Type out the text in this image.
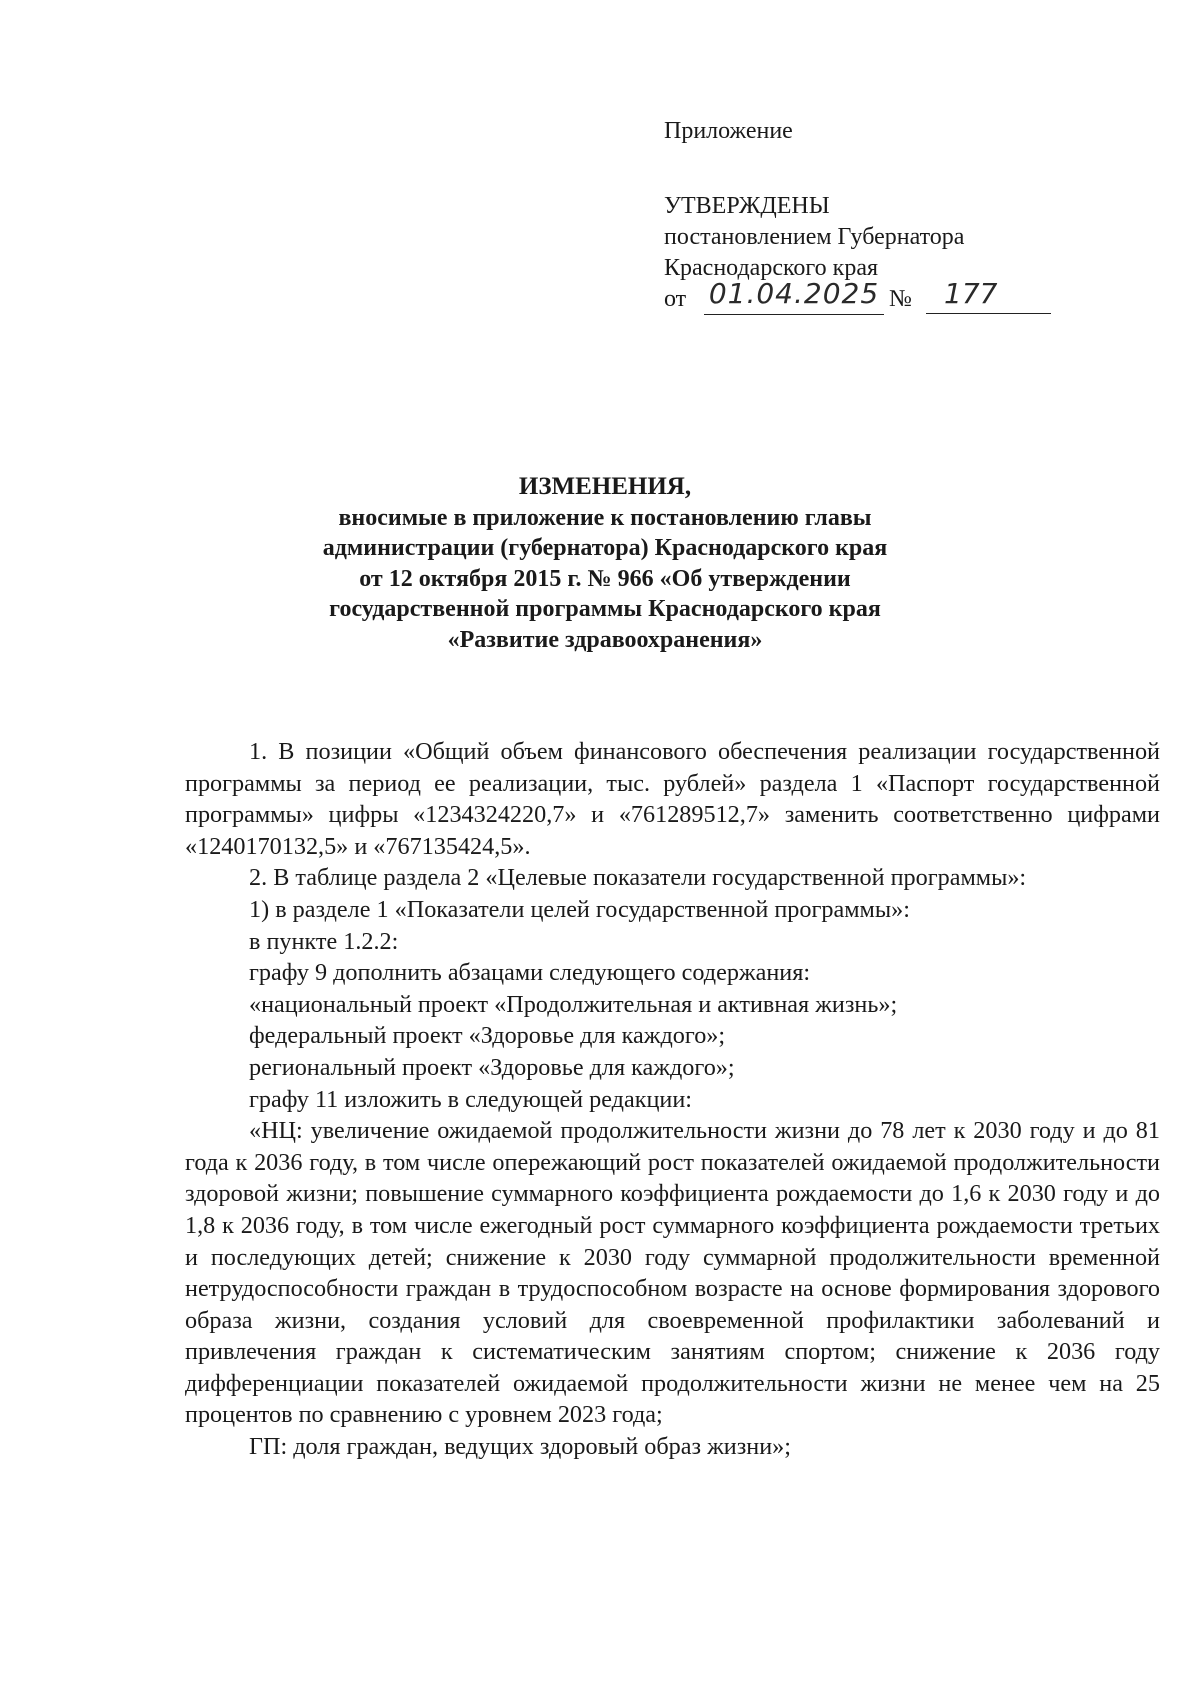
Приложение
УТВЕРЖДЕНЫ
постановлением Губернатора
Краснодарского края
от 01.04.2025 №	177
ИЗМЕНЕНИЯ,
вносимые в приложение к постановлению главы
администрации (губернатора) Краснодарского края
от 12 октября 2015 г. № 966 «Об утверждении
государственной программы Краснодарского края
«Развитие здравоохранения»

1. В позиции «Общий объем финансового обеспечения реализации государственной программы за период ее реализации, тыс. рублей» раздела 1 «Паспорт государственной программы» цифры «1234324220,7» и «761289512,7» заменить соответственно цифрами «1240170132,5» и «767135424,5».

2. В таблице раздела 2 «Целевые показатели государственной программы»:

1) в разделе 1 «Показатели целей государственной программы»:

в пункте 1.2.2:

графу 9 дополнить абзацами следующего содержания:

«национальный проект «Продолжительная и активная жизнь»;

федеральный проект «Здоровье для каждого»;

региональный проект «Здоровье для каждого»;

графу 11 изложить в следующей редакции:

«НЦ: увеличение ожидаемой продолжительности жизни до 78 лет к 2030 году и до 81 года к 2036 году, в том числе опережающий рост показателей ожидаемой продолжительности здоровой жизни; повышение суммарного коэффициента рождаемости до 1,6 к 2030 году и до 1,8 к 2036 году, в том числе ежегодный рост суммарного коэффициента рождаемости третьих и последующих детей; снижение к 2030 году суммарной продолжительности временной нетрудоспособности граждан в трудоспособном возрасте на основе формирования здорового образа жизни, создания условий для своевременной профилактики заболеваний и привлечения граждан к систематическим занятиям спортом; снижение к 2036 году дифференциации показателей ожидаемой продолжительности жизни не менее чем на 25 процентов по сравнению с уровнем 2023 года;

ГП: доля граждан, ведущих здоровый образ жизни»;
